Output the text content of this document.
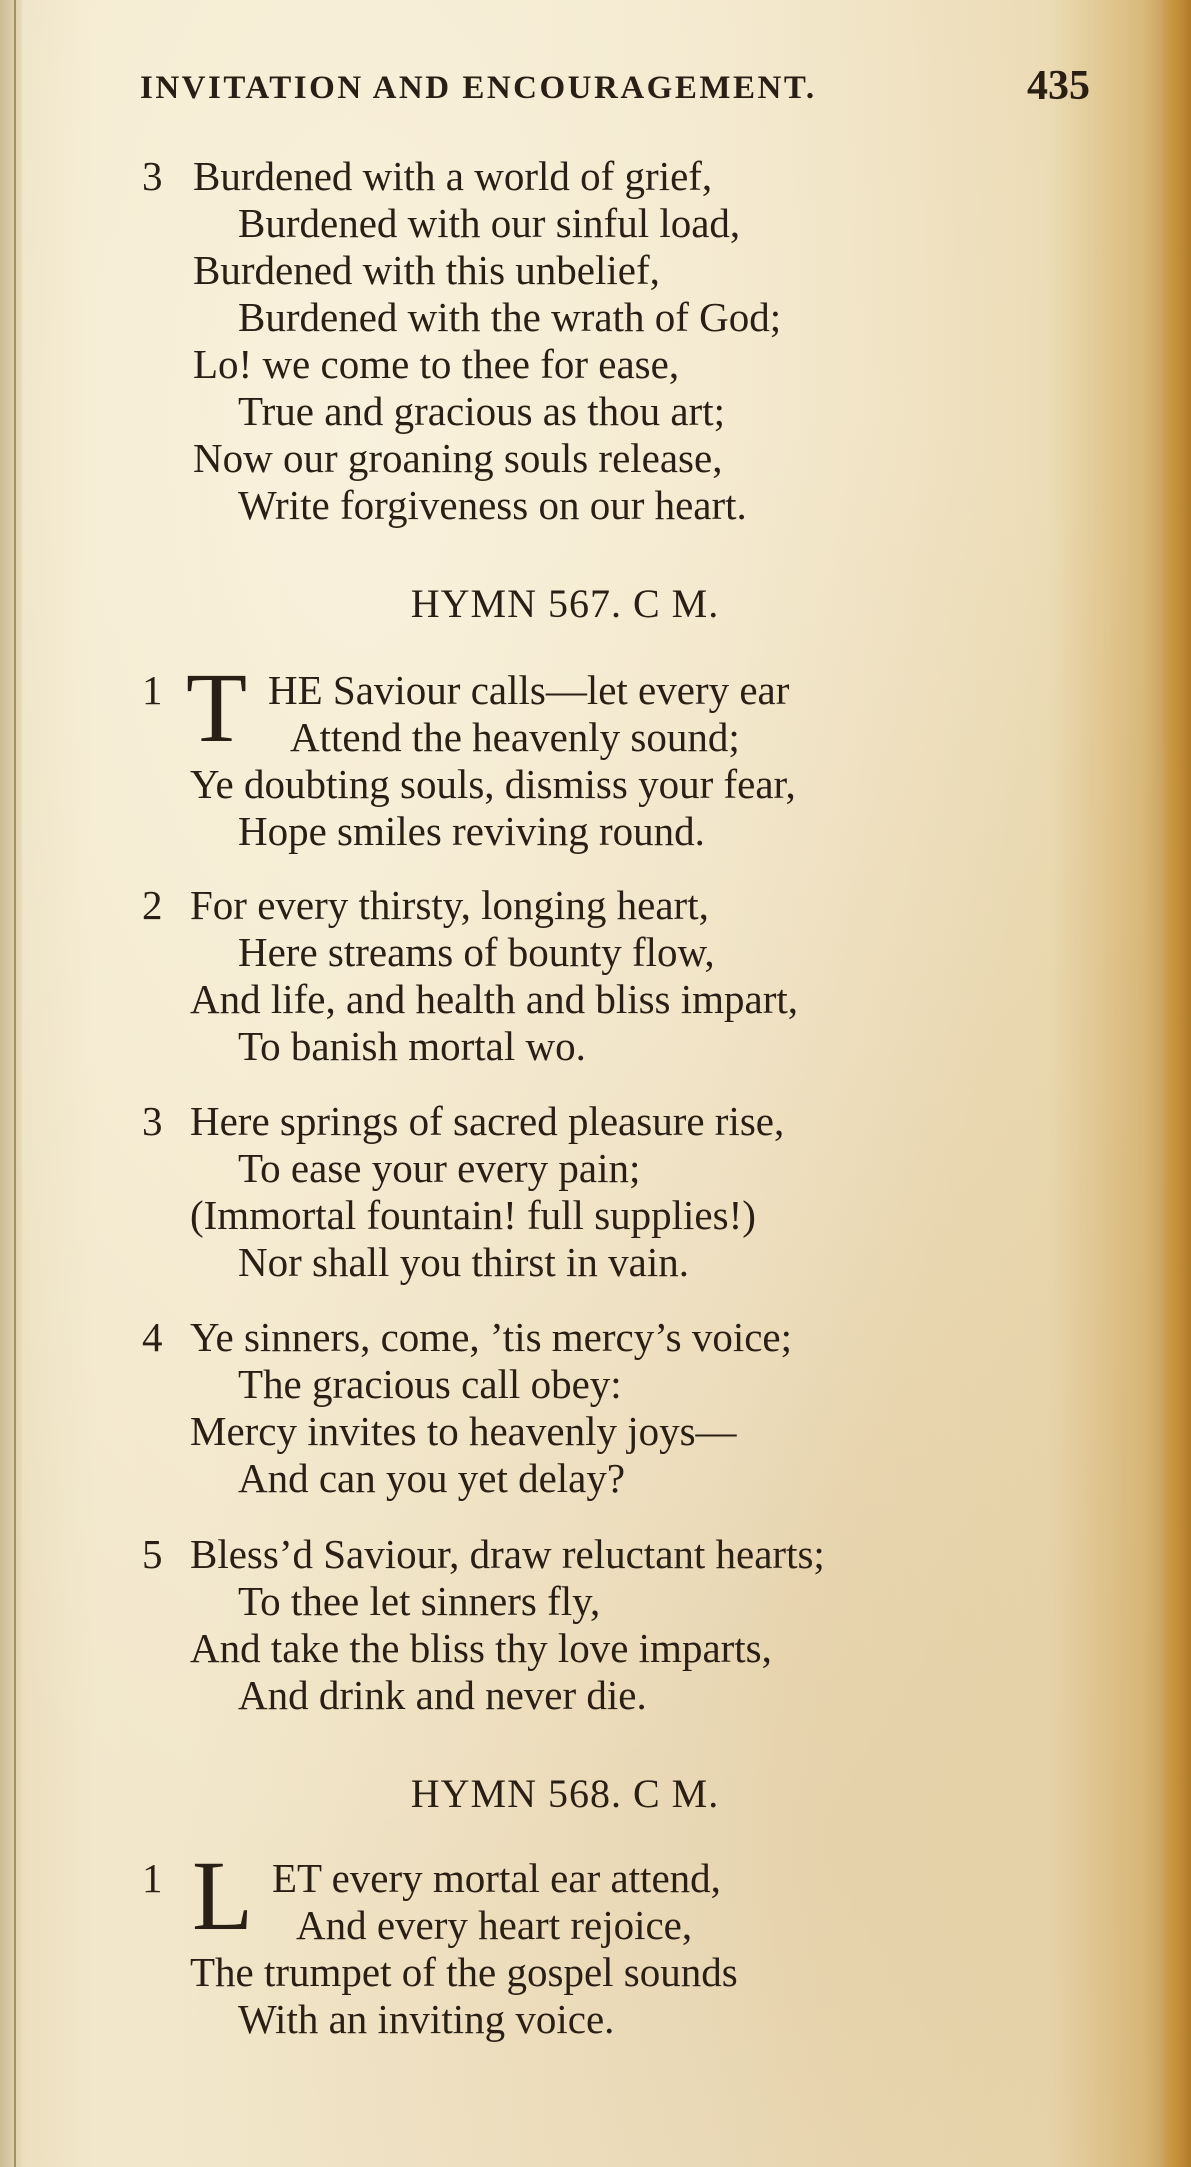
INVITATION AND ENCOURAGEMENT.	435
3 Burdened with a world of grief,
Burdened with our sinful load,
Burdened with this unbelief,
Burdened with the wrath of God;
Lo! we come to thee for ease,
True and gracious as thou art;
Now our groaning souls release,
Write forgiveness on our heart.
HYMN 567. C M.
1 T HE Saviour calls—let every ear
Attend the heavenly sound;
Ye doubting souls, dismiss your fear,
Hope smiles reviving round.
2 For every thirsty, longing heart,
Here streams of bounty flow,
And life, and health and bliss impart,
To banish mortal wo.
3 Here springs of sacred pleasure rise,
To ease your every pain;
(Immortal fountain! full supplies!)
Nor shall you thirst in vain.
4 Ye sinners, come, ’tis mercy’s voice;
The gracious call obey:
Mercy invites to heavenly joys—
And can you yet delay?
5 Bless’d Saviour, draw reluctant hearts;
To thee let sinners fly,
And take the bliss thy love imparts,
And drink and never die.
HYMN 568. C M.
1 L ET every mortal ear attend,
And every heart rejoice,
The trumpet of the gospel sounds
With an inviting voice.
